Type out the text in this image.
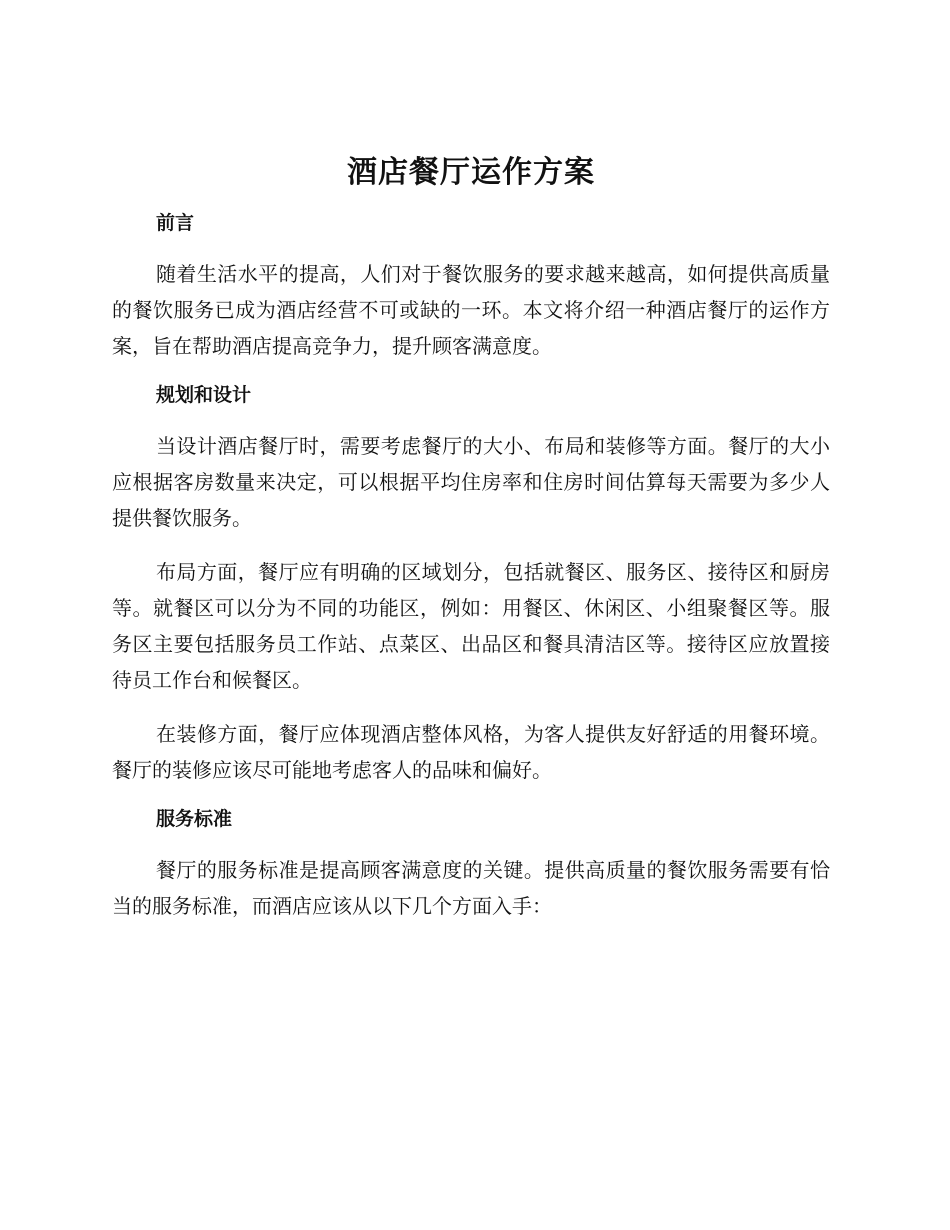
酒店餐厅运作方案
前言

随着生活水平的提高，人们对于餐饮服务的要求越来越高，如何提供高质量的餐饮服务已成为酒店经营不可或缺的一环。本文将介绍一种酒店餐厅的运作方案，旨在帮助酒店提高竞争力，提升顾客满意度。

规划和设计

当设计酒店餐厅时，需要考虑餐厅的大小、布局和装修等方面。餐厅的大小应根据客房数量来决定，可以根据平均住房率和住房时间估算每天需要为多少人提供餐饮服务。

布局方面，餐厅应有明确的区域划分，包括就餐区、服务区、接待区和厨房等。就餐区可以分为不同的功能区，例如：用餐区、休闲区、小组聚餐区等。服务区主要包括服务员工作站、点菜区、出品区和餐具清洁区等。接待区应放置接待员工作台和候餐区。

在装修方面，餐厅应体现酒店整体风格，为客人提供友好舒适的用餐环境。餐厅的装修应该尽可能地考虑客人的品味和偏好。

服务标准

餐厅的服务标准是提高顾客满意度的关键。提供高质量的餐饮服务需要有恰当的服务标准，而酒店应该从以下几个方面入手：
